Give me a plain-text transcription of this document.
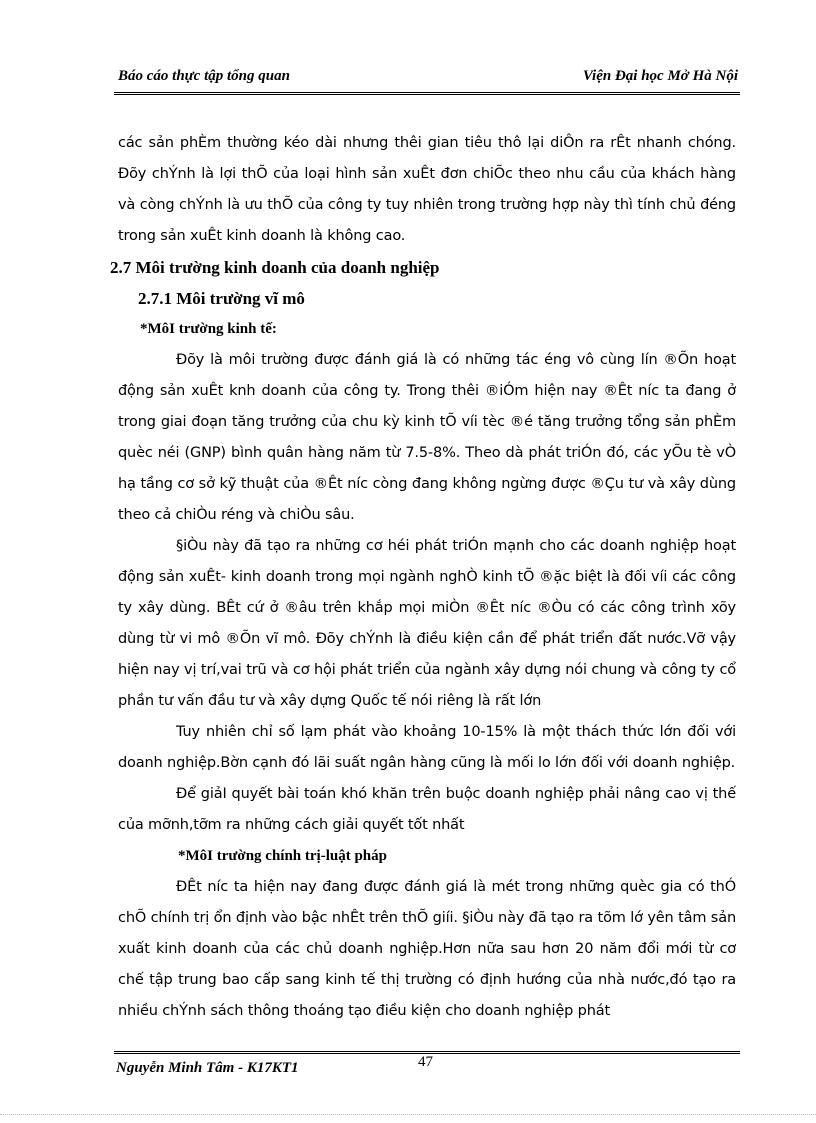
Báo cáo thực tập tổng quan	Viện Đại học Mở Hà Nội

các sản phÈm thường kéo dài nhưng thêi gian tiêu thô lại diÔn ra rÊt nhanh chóng. Đõy chÝnh là lợi thÕ của loại hình sản xuÊt đơn chiÕc theo nhu cầu của khách hàng và còng chÝnh là ưu thÕ của công ty tuy nhiên trong trường hợp này thì tính chủ đéng trong sản xuÊt kinh doanh là không cao.

2.7 Môi trường kinh doanh của doanh nghiệp

2.7.1 Môi trường vĩ mô

*MôI trường kinh tế:

Đõy là môi trường được đánh giá là có những tác éng vô cùng lín ®Õn hoạt động sản xuÊt knh doanh của công ty. Trong thêi ®iÓm hiện nay ®Êt níc ta đang ở trong giai đoạn tăng trưởng của chu kỳ kinh tÕ víi tèc ®é tăng trưởng tổng sản phÈm quèc néi (GNP) bình quân hàng năm từ 7.5-8%. Theo dà phát triÓn đó, các yÕu tè vÒ hạ tầng cơ sở kỹ thuật của ®Êt níc còng đang không ngừng được ®Çu tư và xây dùng theo cả chiÒu réng và chiÒu sâu.

§iÒu này đã tạo ra những cơ héi phát triÓn mạnh cho các doanh nghiệp hoạt động sản xuÊt- kinh doanh trong mọi ngành nghÒ kinh tÕ ®ặc biệt là đối víi các công ty xây dùng. BÊt cứ ở ®âu trên khắp mọi miÒn ®Êt níc ®Òu có các công trình xõy dùng từ vi mô ®Õn vĩ mô. Đõy chÝnh là điều kiện cần để phát triển đất nước.Vỡ vậy hiện nay vị trí,vai trũ và cơ hội phát triển của ngành xây dựng nói chung và công ty cổ phần tư vấn đầu tư và xây dựng Quốc tế nói riêng là rất lớn

Tuy nhiên chỉ số lạm phát vào khoảng 10-15% là một thách thức lớn đối với doanh nghiệp.Bờn cạnh đó lãi suất ngân hàng cũng là mối lo lớn đối với doanh nghiệp.

Để giảI quyết bài toán khó khăn trên buộc doanh nghiệp phải nâng cao vị thế của mỡnh,tỡm ra những cách giải quyết tốt nhất

*MôI trường chính trị-luật pháp

ĐÊt níc ta hiện nay đang được đánh giá là mét trong những quèc gia có thÓ chÕ chính trị ổn định vào bậc nhÊt trên thÕ giíi. §iÒu này đã tạo ra tõm lớ yên tâm sản xuất kinh doanh của các chủ doanh nghiệp.Hơn nữa sau hơn 20 năm đổi mới từ cơ chế tập trung bao cấp sang kinh tế thị trường có định hướng của nhà nước,đó tạo ra nhiều chÝnh sách thông thoáng tạo điều kiện cho doanh nghiệp phát

Nguyễn Minh Tâm - K17KT1	47
